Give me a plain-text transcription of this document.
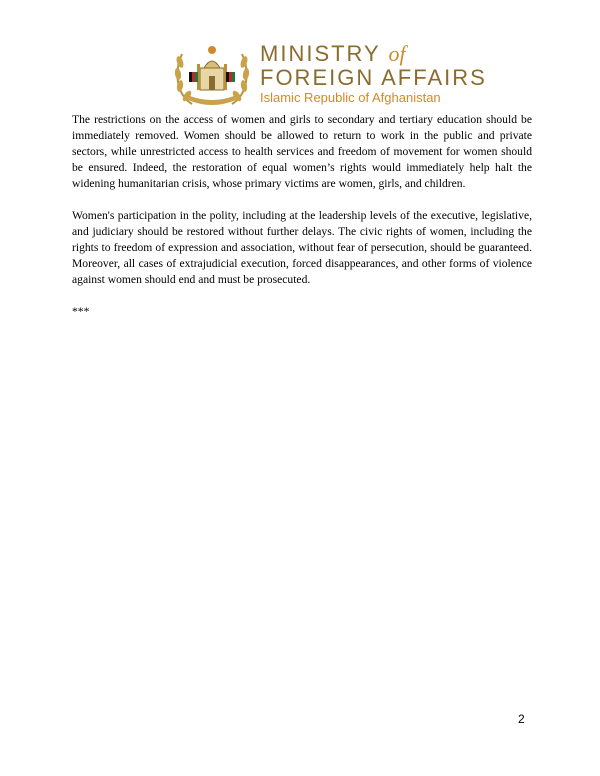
MINISTRY of
FOREIGN AFFAIRS
Islamic Republic of Afghanistan

The restrictions on the access of women and girls to secondary and tertiary education should be immediately removed. Women should be allowed to return to work in the public and private sectors, while unrestricted access to health services and freedom of movement for women should be ensured. Indeed, the restoration of equal women’s rights would immediately help halt the widening humanitarian crisis, whose primary victims are women, girls, and children.

Women's participation in the polity, including at the leadership levels of the executive, legislative, and judiciary should be restored without further delays. The civic rights of women, including the rights to freedom of expression and association, without fear of persecution, should be guaranteed. Moreover, all cases of extrajudicial execution, forced disappearances, and other forms of violence against women should end and must be prosecuted.

***
2
